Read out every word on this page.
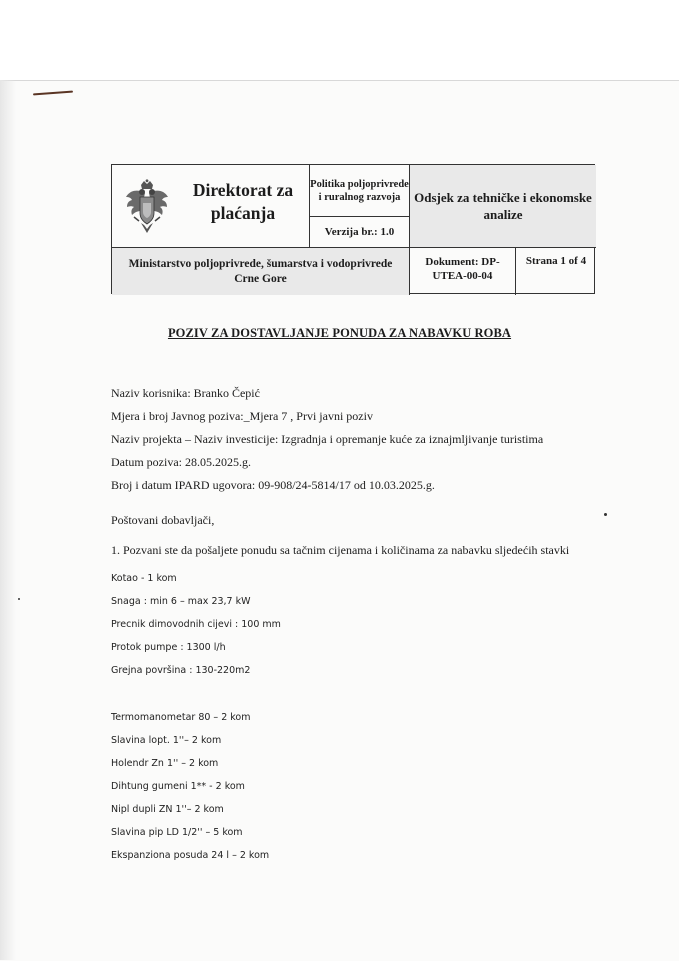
Direktorat za
plaćanja
Politika poljoprivrede i ruralnog razvoja
Verzija br.: 1.0
Odsjek za tehničke i ekonomske analize
Ministarstvo poljoprivrede, šumarstva i vodoprivrede Crne Gore
Dokument: DP-UTEA-00-04
Strana 1 of 4
POZIV ZA DOSTAVLJANJE PONUDA ZA NABAVKU ROBA
Naziv korisnika: Branko Čepić
Mjera i broj Javnog poziva:_Mjera 7 , Prvi javni poziv
Naziv projekta – Naziv investicije: Izgradnja i opremanje kuće za iznajmljivanje turistima
Datum poziva: 28.05.2025.g.
Broj i datum IPARD ugovora: 09-908/24-5814/17 od 10.03.2025.g.
Poštovani dobavljači,
1. Pozvani ste da pošaljete ponudu sa tačnim cijenama i količinama za nabavku sljedećih stavki
Kotao - 1 kom
Snaga : min 6 – max 23,7 kW
Precnik dimovodnih cijevi : 100 mm
Protok pumpe : 1300 l/h
Grejna površina : 130-220m2
Termomanometar 80 – 2 kom
Slavina lopt. 1''– 2 kom
Holendr Zn 1'' – 2 kom
Dihtung gumeni 1** - 2 kom
Nipl dupli ZN 1''– 2 kom
Slavina pip LD 1/2'' – 5 kom
Ekspanziona posuda 24 l – 2 kom
